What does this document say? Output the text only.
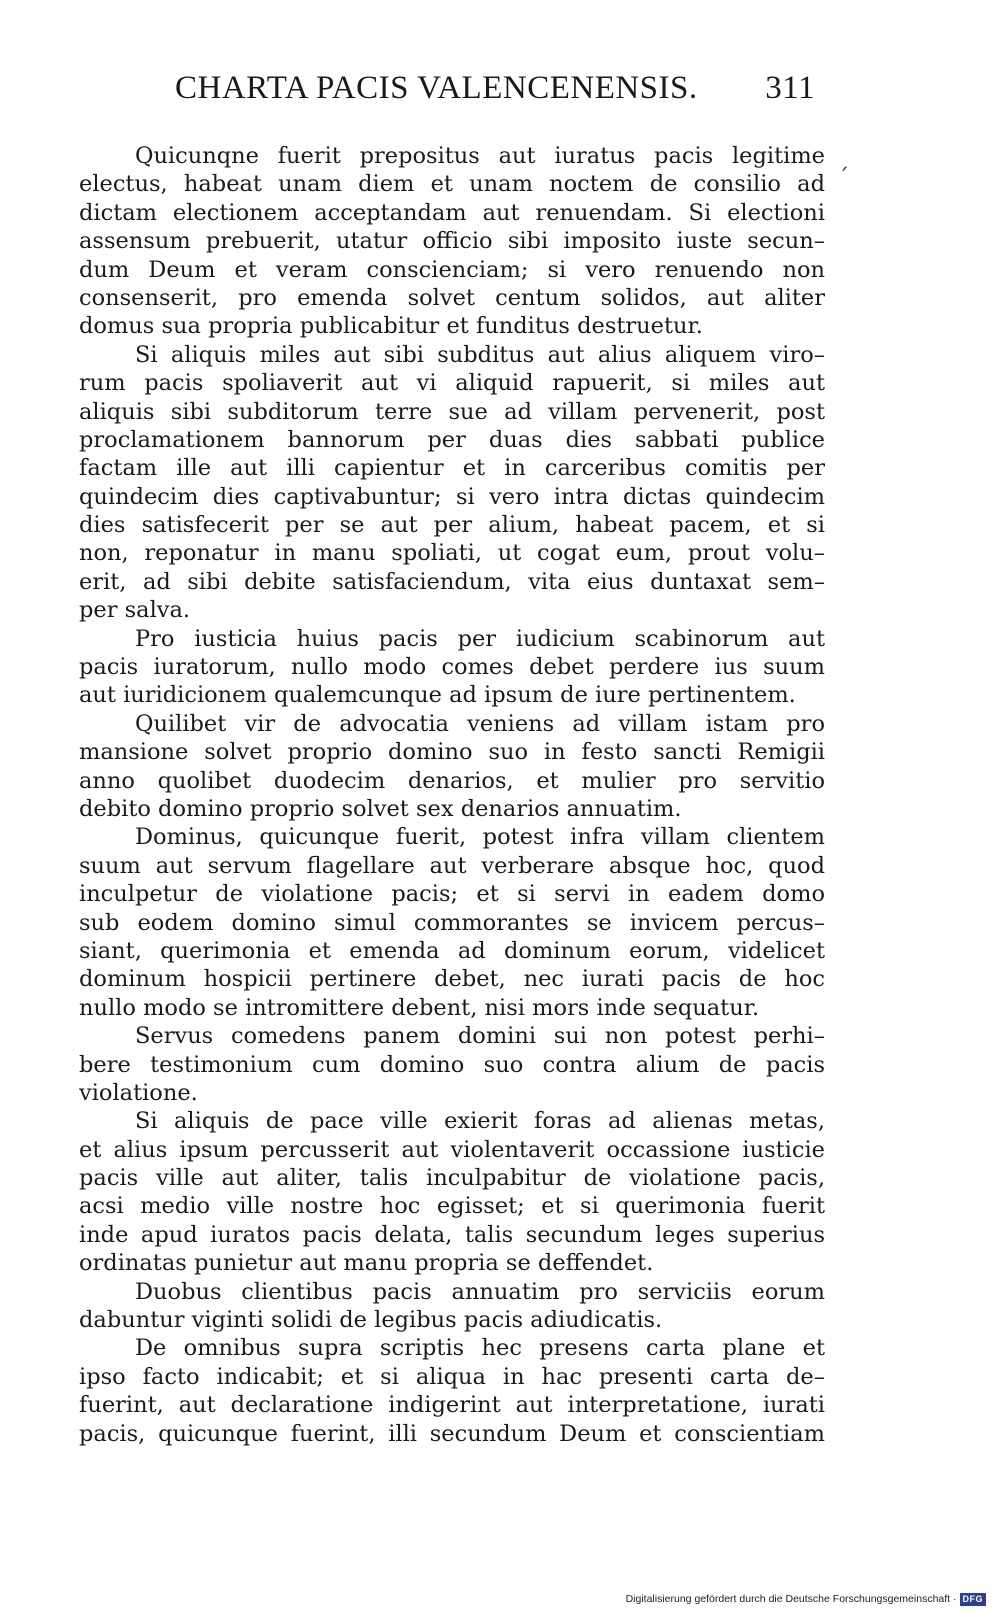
CHARTA PACIS VALENCENENSIS. 311
´
Quicunqne fuerit prepositus aut iuratus pacis legitime
electus, habeat unam diem et unam noctem de consilio ad
dictam electionem acceptandam aut renuendam. Si electioni
assensum prebuerit, utatur officio sibi imposito iuste secun–
dum Deum et veram conscienciam; si vero renuendo non
consenserit, pro emenda solvet centum solidos, aut aliter
domus sua propria publicabitur et funditus destruetur.
Si aliquis miles aut sibi subditus aut alius aliquem viro–
rum pacis spoliaverit aut vi aliquid rapuerit, si miles aut
aliquis sibi subditorum terre sue ad villam pervenerit, post
proclamationem bannorum per duas dies sabbati publice
factam ille aut illi capientur et in carceribus comitis per
quindecim dies captivabuntur; si vero intra dictas quindecim
dies satisfecerit per se aut per alium, habeat pacem, et si
non, reponatur in manu spoliati, ut cogat eum, prout volu–
erit, ad sibi debite satisfaciendum, vita eius duntaxat sem–
per salva.
Pro iusticia huius pacis per iudicium scabinorum aut
pacis iuratorum, nullo modo comes debet perdere ius suum
aut iuridicionem qualemcunque ad ipsum de iure pertinentem.
Quilibet vir de advocatia veniens ad villam istam pro
mansione solvet proprio domino suo in festo sancti Remigii
anno quolibet duodecim denarios, et mulier pro servitio
debito domino proprio solvet sex denarios annuatim.
Dominus, quicunque fuerit, potest infra villam clientem
suum aut servum flagellare aut verberare absque hoc, quod
inculpetur de violatione pacis; et si servi in eadem domo
sub eodem domino simul commorantes se invicem percus–
siant, querimonia et emenda ad dominum eorum, videlicet
dominum hospicii pertinere debet, nec iurati pacis de hoc
nullo modo se intromittere debent, nisi mors inde sequatur.
Servus comedens panem domini sui non potest perhi–
bere testimonium cum domino suo contra alium de pacis
violatione.
Si aliquis de pace ville exierit foras ad alienas metas,
et alius ipsum percusserit aut violentaverit occassione iusticie
pacis ville aut aliter, talis inculpabitur de violatione pacis,
acsi medio ville nostre hoc egisset; et si querimonia fuerit
inde apud iuratos pacis delata, talis secundum leges superius
ordinatas punietur aut manu propria se deffendet.
Duobus clientibus pacis annuatim pro serviciis eorum
dabuntur viginti solidi de legibus pacis adiudicatis.
De omnibus supra scriptis hec presens carta plane et
ipso facto indicabit; et si aliqua in hac presenti carta de–
fuerint, aut declaratione indigerint aut interpretatione, iurati
pacis, quicunque fuerint, illi secundum Deum et conscientiam
Digitalisierung gefördert durch die Deutsche Forschungsgemeinschaft · DFG
